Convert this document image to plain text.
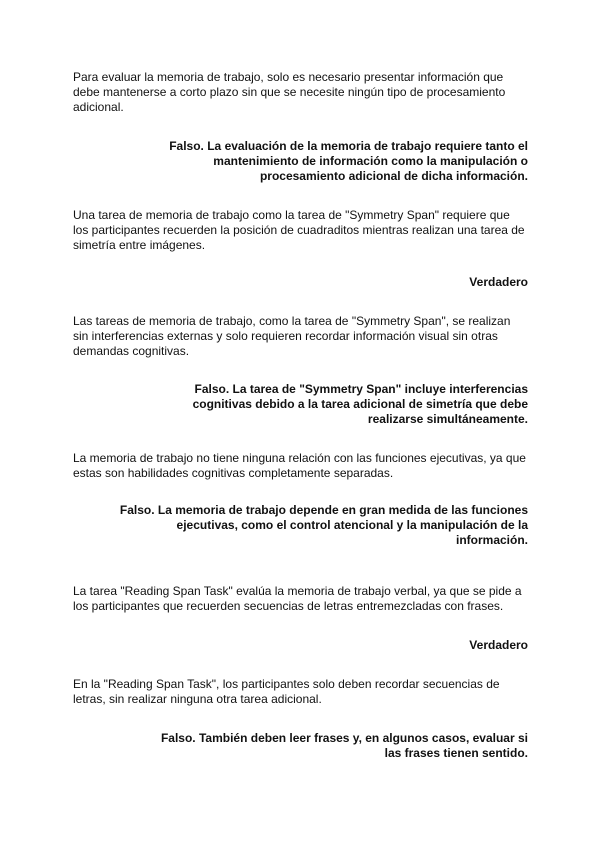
Para evaluar la memoria de trabajo, solo es necesario presentar información que debe mantenerse a corto plazo sin que se necesite ningún tipo de procesamiento adicional.

Falso. La evaluación de la memoria de trabajo requiere tanto el mantenimiento de información como la manipulación o procesamiento adicional de dicha información.

Una tarea de memoria de trabajo como la tarea de "Symmetry Span" requiere que los participantes recuerden la posición de cuadraditos mientras realizan una tarea de simetría entre imágenes.

Verdadero

Las tareas de memoria de trabajo, como la tarea de "Symmetry Span", se realizan sin interferencias externas y solo requieren recordar información visual sin otras demandas cognitivas.

Falso. La tarea de "Symmetry Span" incluye interferencias cognitivas debido a la tarea adicional de simetría que debe realizarse simultáneamente.

La memoria de trabajo no tiene ninguna relación con las funciones ejecutivas, ya que estas son habilidades cognitivas completamente separadas.

Falso. La memoria de trabajo depende en gran medida de las funciones ejecutivas, como el control atencional y la manipulación de la información.

La tarea "Reading Span Task" evalúa la memoria de trabajo verbal, ya que se pide a los participantes que recuerden secuencias de letras entremezcladas con frases.

Verdadero

En la "Reading Span Task", los participantes solo deben recordar secuencias de letras, sin realizar ninguna otra tarea adicional.

Falso. También deben leer frases y, en algunos casos, evaluar si las frases tienen sentido.
